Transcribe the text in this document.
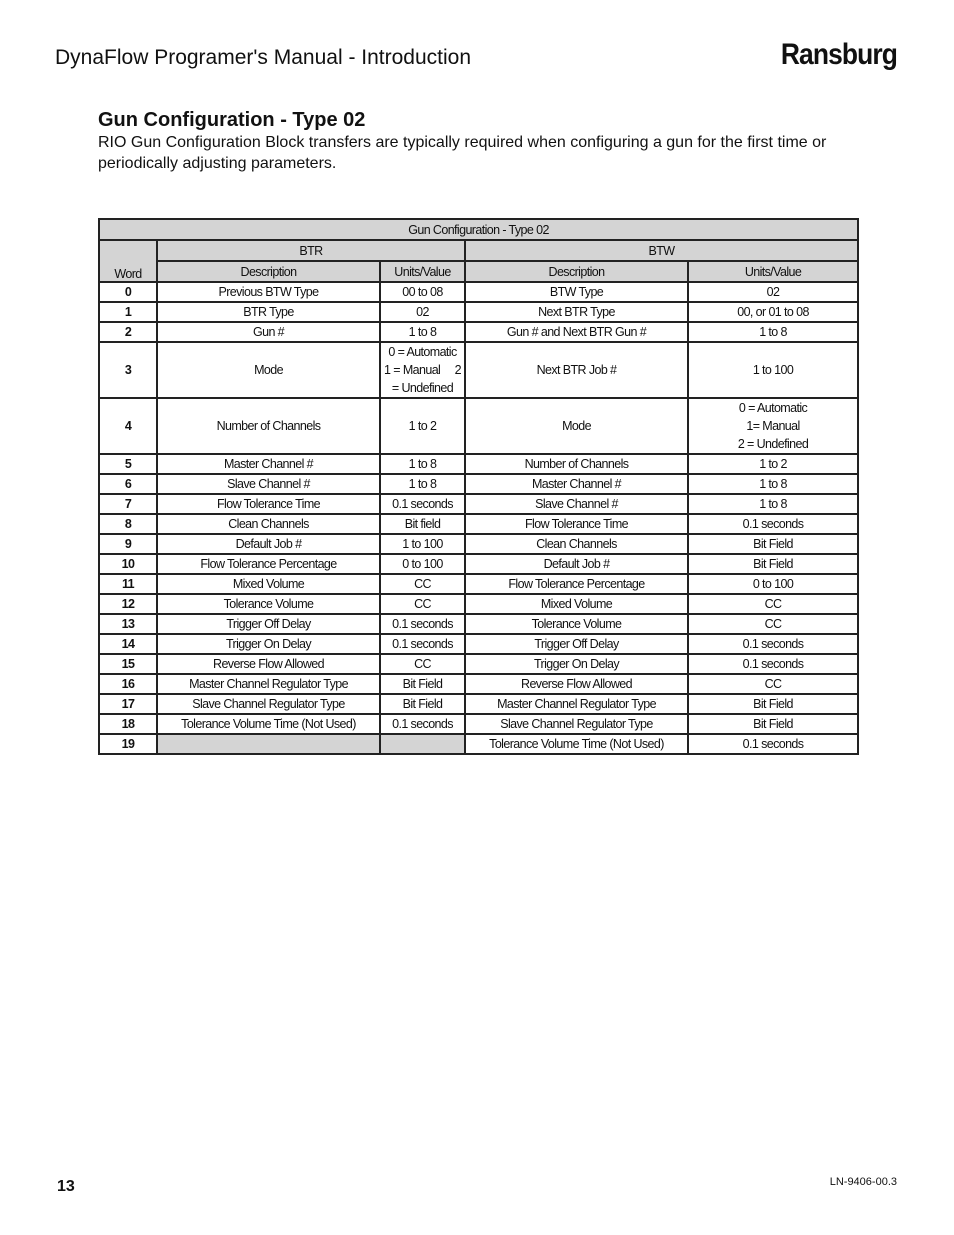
DynaFlow Programer's Manual - Introduction	Ransburg
Gun Configuration - Type 02
RIO Gun Configuration Block transfers are typically required when configuring a gun for the first time or periodically adjusting parameters.
Gun Configuration - Type 02				
Word	BTR		BTW	
	Description	Units/Value	Description	Units/Value
0	Previous BTW Type	00 to 08	BTW Type	02

1	BTR Type	02	Next BTR Type	00, or 01 to 08

2	Gun #	1 to 8	Gun # and Next BTR Gun #	1 to 8

3	Mode	0 = Automatic
1 = Manual     2
= Undefined	Next BTR Job #	1 to 100

4	Number of Channels	1 to 2	Mode	0 = Automatic
1= Manual
2 = Undefined

5	Master Channel #	1 to 8	Number of Channels	1 to 2

6	Slave Channel #	1 to 8	Master Channel #	1 to 8

7	Flow Tolerance Time	0.1 seconds	Slave Channel #	1 to 8

8	Clean Channels	Bit field	Flow Tolerance Time	0.1 seconds

9	Default Job #	1 to 100	Clean Channels	Bit Field

10	Flow Tolerance Percentage	0 to 100	Default Job #	Bit Field

11	Mixed Volume	CC	Flow Tolerance Percentage	0 to 100

12	Tolerance Volume	CC	Mixed Volume	CC

13	Trigger Off Delay	0.1 seconds	Tolerance Volume	CC

14	Trigger On Delay	0.1 seconds	Trigger Off Delay	0.1 seconds

15	Reverse Flow Allowed	CC	Trigger On Delay	0.1 seconds

16	Master Channel Regulator Type	Bit Field	Reverse Flow Allowed	CC

17	Slave Channel Regulator Type	Bit Field	Master Channel Regulator Type	Bit Field

18	Tolerance Volume Time (Not Used)	0.1 seconds	Slave Channel Regulator Type	Bit Field

19			Tolerance Volume Time (Not Used)	0.1 seconds
13	LN-9406-00.3
